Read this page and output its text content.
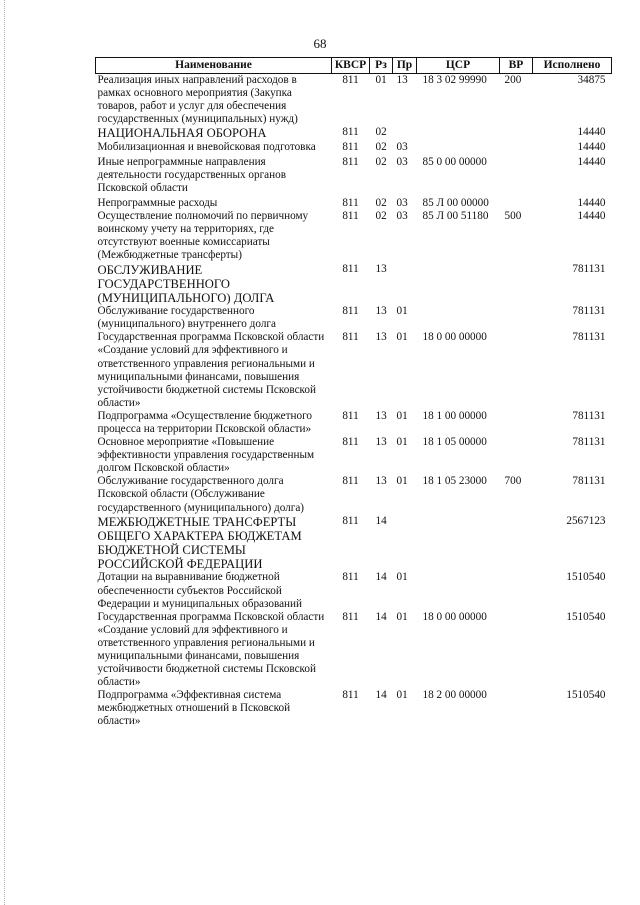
68
Наименование	КВСР	Рз	Пр	ЦСР	ВР	Исполнено
Реализация иных направлений расходов в рамках основного мероприятия (Закупка товаров, работ и услуг для обеспечения государственных (муниципальных) нужд)	811	01	13	18 3 02 99990	200	34875
НАЦИОНАЛЬНАЯ ОБОРОНА	811	02				14440
Мобилизационная и вневойсковая подготовка	811	02	03			14440
Иные непрограммные направления деятельности государственных органов Псковской области	811	02	03	85 0 00 00000		14440
Непрограммные расходы	811	02	03	85 Л 00 00000		14440
Осуществление полномочий по первичному воинскому учету на территориях, где отсутствуют военные комиссариаты (Межбюджетные трансферты)	811	02	03	85 Л 00 51180	500	14440
ОБСЛУЖИВАНИЕ ГОСУДАРСТВЕННОГО (МУНИЦИПАЛЬНОГО) ДОЛГА	811	13				781131
Обслуживание государственного (муниципального) внутреннего долга	811	13	01			781131
Государственная программа Псковской области «Создание условий для эффективного и ответственного управления региональными и муниципальными финансами, повышения устойчивости бюджетной системы Псковской области»	811	13	01	18 0 00 00000		781131
Подпрограмма «Осуществление бюджетного процесса на территории Псковской области»	811	13	01	18 1 00 00000		781131
Основное мероприятие «Повышение эффективности управления государственным долгом Псковской области»	811	13	01	18 1 05 00000		781131
Обслуживание государственного долга Псковской области (Обслуживание государственного (муниципального) долга)	811	13	01	18 1 05 23000	700	781131
МЕЖБЮДЖЕТНЫЕ ТРАНСФЕРТЫ ОБЩЕГО ХАРАКТЕРА БЮДЖЕТАМ БЮДЖЕТНОЙ СИСТЕМЫ РОССИЙСКОЙ ФЕДЕРАЦИИ	811	14				2567123
Дотации на выравнивание бюджетной обеспеченности субъектов Российской Федерации и муниципальных образований	811	14	01			1510540
Государственная программа Псковской области «Создание условий для эффективного и ответственного управления региональными и муниципальными финансами, повышения устойчивости бюджетной системы Псковской области»	811	14	01	18 0 00 00000		1510540
Подпрограмма «Эффективная система межбюджетных отношений в Псковской области»	811	14	01	18 2 00 00000		1510540
